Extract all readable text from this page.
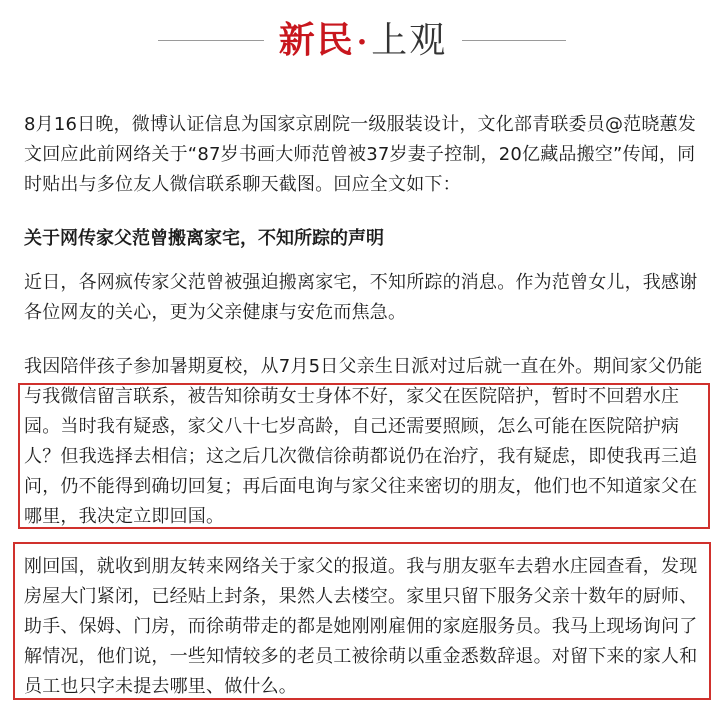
新民·上观

8月16日晚，微博认证信息为国家京剧院一级服装设计，文化部青联委员@范晓蕙发
文回应此前网络关于“87岁书画大师范曾被37岁妻子控制，20亿藏品搬空”传闻，同
时贴出与多位友人微信联系聊天截图。回应全文如下：

关于网传家父范曾搬离家宅，不知所踪的声明

近日，各网疯传家父范曾被强迫搬离家宅，不知所踪的消息。作为范曾女儿，我感谢
各位网友的关心，更为父亲健康与安危而焦急。

我因陪伴孩子参加暑期夏校，从7月5日父亲生日派对过后就一直在外。期间家父仍能
与我微信留言联系，被告知徐萌女士身体不好，家父在医院陪护，暂时不回碧水庄
园。当时我有疑惑，家父八十七岁高龄，自己还需要照顾，怎么可能在医院陪护病
人？但我选择去相信；这之后几次微信徐萌都说仍在治疗，我有疑虑，即使我再三追
问，仍不能得到确切回复；再后面电询与家父往来密切的朋友，他们也不知道家父在
哪里，我决定立即回国。

刚回国，就收到朋友转来网络关于家父的报道。我与朋友驱车去碧水庄园查看，发现
房屋大门紧闭，已经贴上封条，果然人去楼空。家里只留下服务父亲十数年的厨师、
助手、保姆、门房，而徐萌带走的都是她刚刚雇佣的家庭服务员。我马上现场询问了
解情况，他们说，一些知情较多的老员工被徐萌以重金悉数辞退。对留下来的家人和
员工也只字未提去哪里、做什么。
